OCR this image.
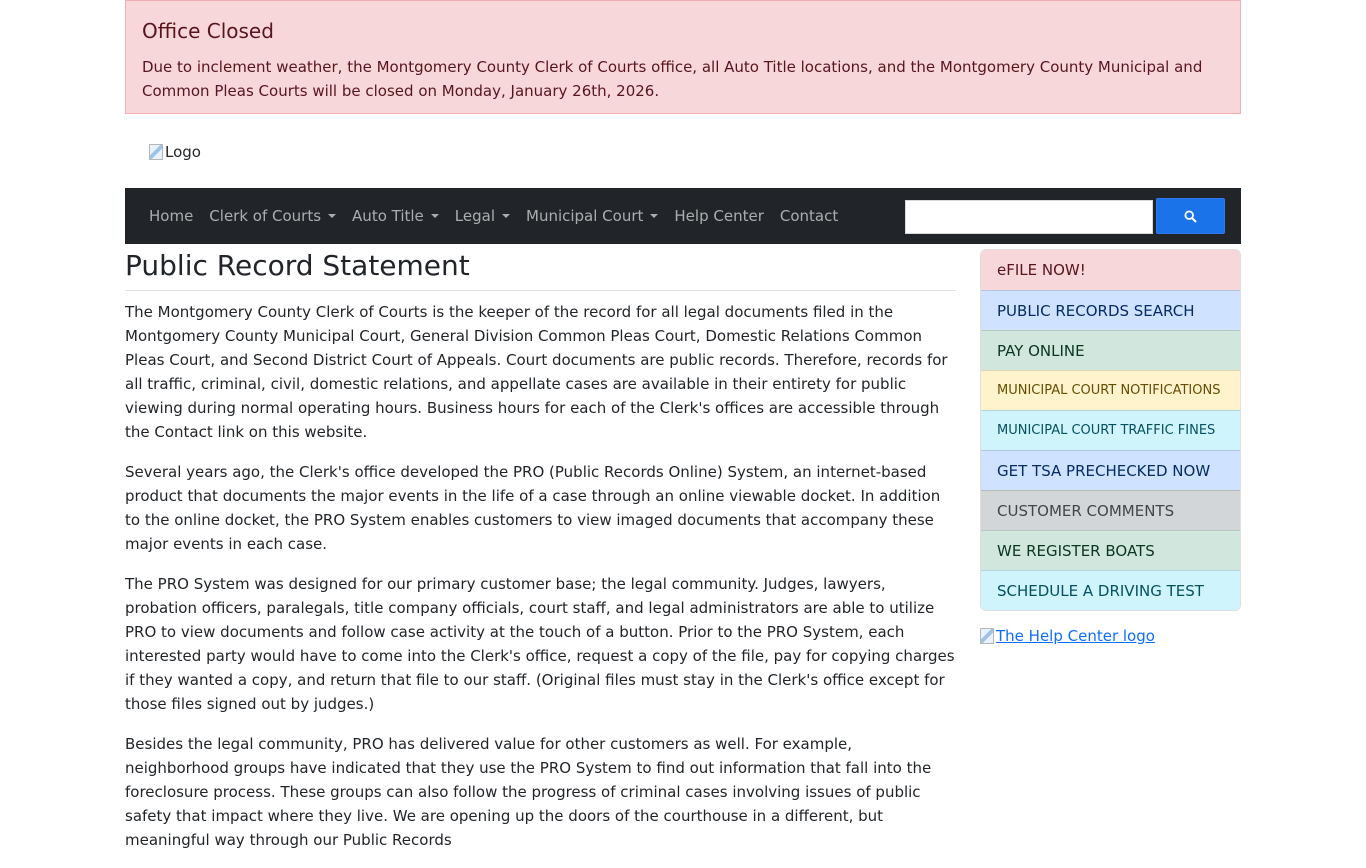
Office Closed

Due to inclement weather, the Montgomery County Clerk of Courts office, all Auto Title locations, and the Montgomery County Municipal and Common Pleas Courts will be closed on Monday, January 26th, 2026.

Logo
Home Clerk of Courts Auto Title Legal Municipal Court Help Center Contact
Public Record Statement

The Montgomery County Clerk of Courts is the keeper of the record for all legal documents filed in the Montgomery County Municipal Court, General Division Common Pleas Court, Domestic Relations Common Pleas Court, and Second District Court of Appeals. Court documents are public records. Therefore, records for all traffic, criminal, civil, domestic relations, and appellate cases are available in their entirety for public viewing during normal operating hours. Business hours for each of the Clerk's offices are accessible through the Contact link on this website.

Several years ago, the Clerk's office developed the PRO (Public Records Online) System, an internet-based product that documents the major events in the life of a case through an online viewable docket. In addition to the online docket, the PRO System enables customers to view imaged documents that accompany these major events in each case.

The PRO System was designed for our primary customer base; the legal community. Judges, lawyers, probation officers, paralegals, title company officials, court staff, and legal administrators are able to utilize PRO to view documents and follow case activity at the touch of a button. Prior to the PRO System, each interested party would have to come into the Clerk's office, request a copy of the file, pay for copying charges if they wanted a copy, and return that file to our staff. (Original files must stay in the Clerk's office except for those files signed out by judges.)

Besides the legal community, PRO has delivered value for other customers as well. For example, neighborhood groups have indicated that they use the PRO System to find out information that fall into the foreclosure process. These groups can also follow the progress of criminal cases involving issues of public safety that impact where they live. We are opening up the doors of the courthouse in a different, but meaningful way through our Public Records

eFILE NOW!
PUBLIC RECORDS SEARCH
PAY ONLINE
MUNICIPAL COURT NOTIFICATIONS
MUNICIPAL COURT TRAFFIC FINES
GET TSA PRECHECKED NOW
CUSTOMER COMMENTS
WE REGISTER BOATS
SCHEDULE A DRIVING TEST
The Help Center logo
